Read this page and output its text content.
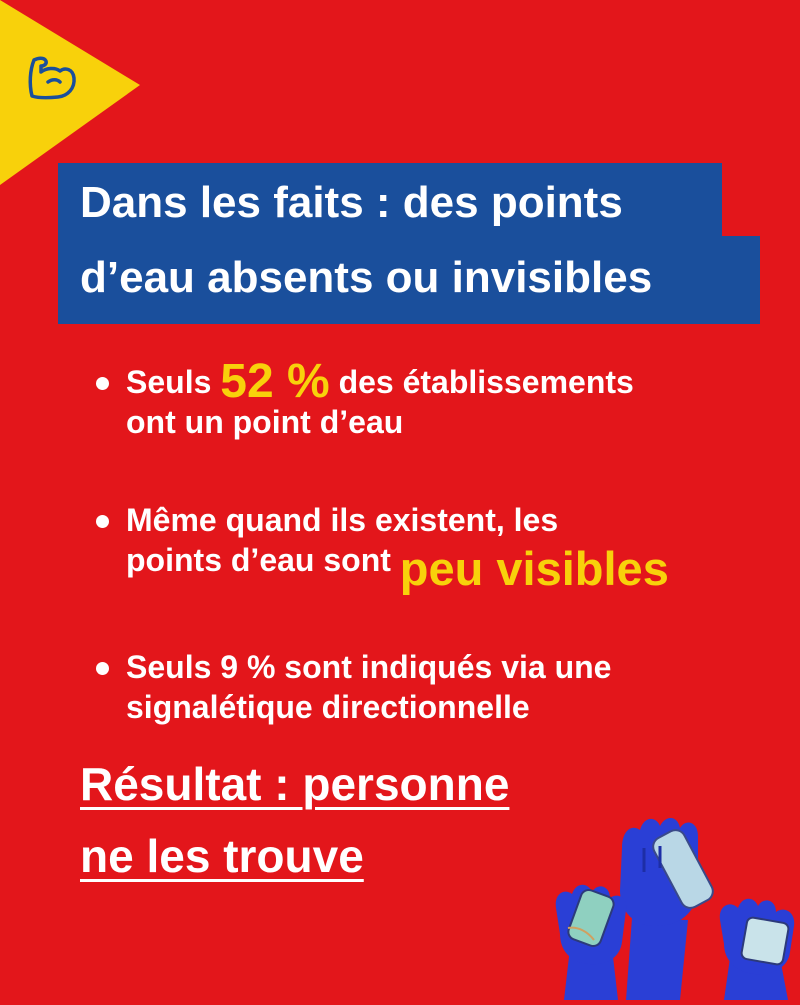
Dans les faits : des points
d’eau absents ou invisibles
Seuls 52 % des établissements
ont un point d’eau
Même quand ils existent, les
points d’eau sont peu visibles
Seuls 9 % sont indiqués via une
signalétique directionnelle
Résultat : personne
ne les trouve
